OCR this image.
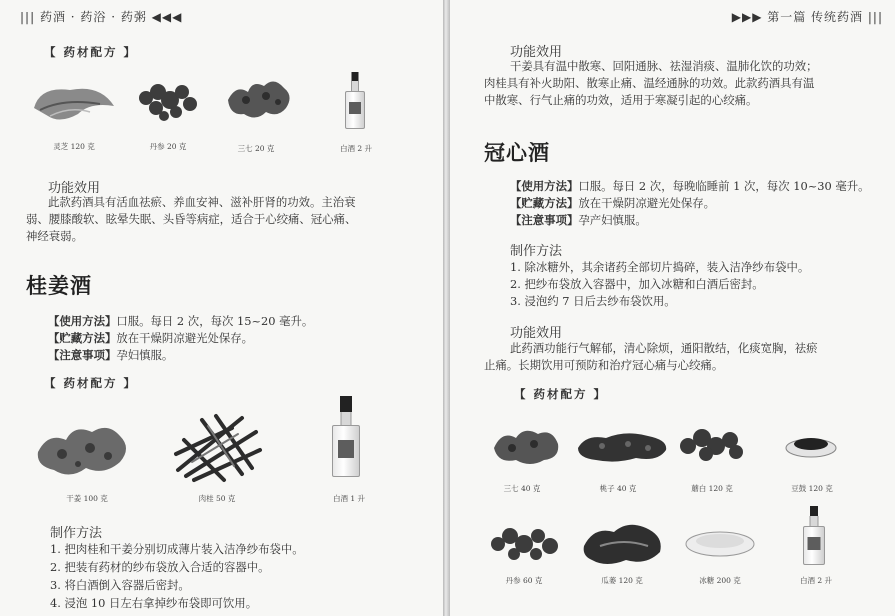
||| 药酒 · 药浴 · 药粥 ◀◀◀
【 药材配方 】
灵芝 120 克	丹参 20 克	三七 20 克	白酒 2 升
功能效用
此款药酒具有活血祛瘀、养血安神、滋补肝肾的功效。主治衰
弱、腰膝酸软、眩晕失眠、头昏等病症，适合于心绞痛、冠心痛、
神经衰弱。
桂姜酒
【使用方法】口服。每日 2 次，每次 15~20 毫升。
【贮藏方法】放在干燥阴凉避光处保存。
【注意事项】孕妇慎服。
【 药材配方 】
干姜 100 克	肉桂 50 克	白酒 1 升
制作方法
1. 把肉桂和干姜分别切成薄片装入洁净纱布袋中。
2. 把装有药材的纱布袋放入合适的容器中。
3. 将白酒倒入容器后密封。
4. 浸泡 10 日左右拿掉纱布袋即可饮用。
▶▶▶ 第一篇 传统药酒 |||
功能效用
干姜具有温中散寒、回阳通脉、祛湿消痰、温肺化饮的功效；
肉桂具有补火助阳、散寒止痛、温经通脉的功效。此款药酒具有温
中散寒、行气止痛的功效，适用于寒凝引起的心绞痛。
冠心酒
【使用方法】口服。每日 2 次，每晚临睡前 1 次，每次 10~30 毫升。
【贮藏方法】放在干燥阴凉避光处保存。
【注意事项】孕产妇慎服。
制作方法
1. 除冰糖外，其余诸药全部切片捣碎，装入洁净纱布袋中。
2. 把纱布袋放入容器中，加入冰糖和白酒后密封。
3. 浸泡约 7 日后去纱布袋饮用。
功能效用
此药酒功能行气解郁，清心除烦，通阳散结，化痰宽胸，祛瘀
止痛。长期饮用可预防和治疗冠心痛与心绞痛。
【 药材配方 】
三七 40 克	桃子 40 克	蘑白 120 克	豆鼓 120 克
丹参 60 克	瓜蒌 120 克	冰糖 200 克	白酒 2 升
